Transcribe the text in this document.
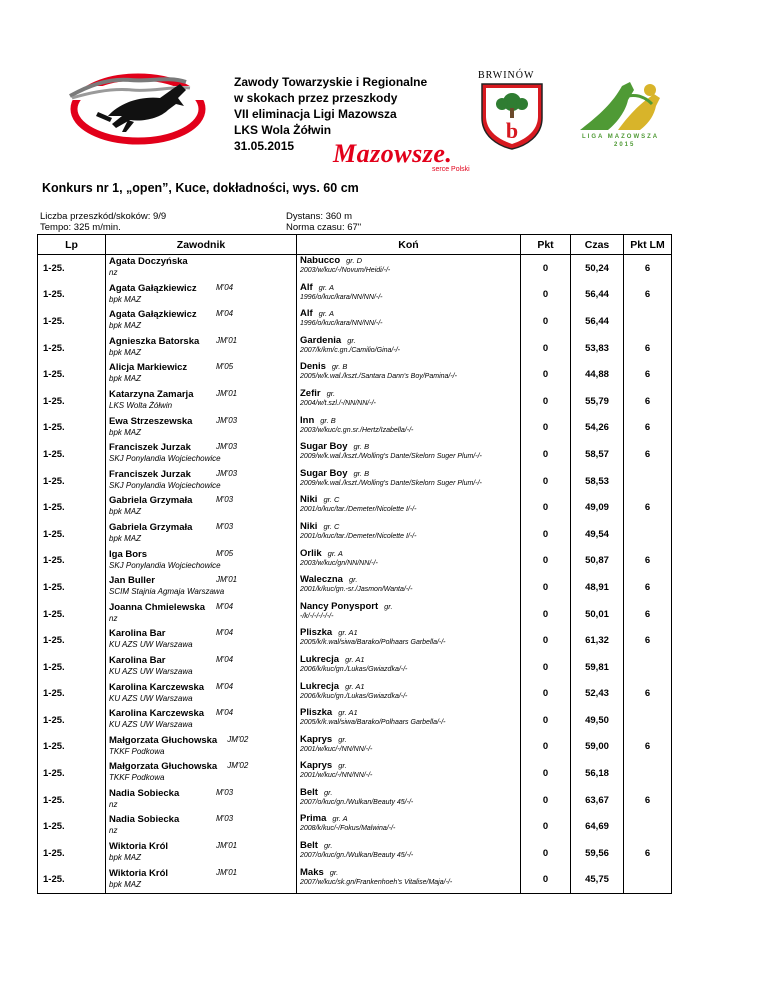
Zawody Towarzyskie i Regionalne
w skokach przez przeszkody
VII eliminacja Ligi Mazowsza
LKS Wola Żółwin
31.05.2015	Mazowsze.
serce Polski
BRWINÓW
b	LIGA MAZOWSZA
2015
Konkurs nr 1, „open”, Kuce, dokładności, wys. 60 cm
Liczba przeszkód/skoków: 9/9
Tempo: 325 m/min.
Dystans: 360 m
Norma czasu: 67"
Lp	Zawodnik	Koń	Pkt	Czas	Pkt LM
1-25.	Agata Doczyńska
nz	Nabucco gr. D
2003/w/kuc/-/Novum/Heidi/-/-	0	50,24	6
1-25.	Agata Gałązkiewicz M'04
bpk MAZ	Alf gr. A
1996/o/kuc/kara/NN/NN/-/-	0	56,44	6
1-25.	Agata Gałązkiewicz M'04
bpk MAZ	Alf gr. A
1996/o/kuc/kara/NN/NN/-/-	0	56,44	
1-25.	Agnieszka Batorska JM'01
bpk MAZ	Gardenia gr.
2007/k/km/c.gn./Camilio/Gina/-/-	0	53,83	6
1-25.	Alicja Markiewicz M'05
bpk MAZ	Denis gr. B
2005/w/k.wal./kszt./Santara Dann's Boy/Pamina/-/-	0	44,88	6
1-25.	Katarzyna Zamarja JM'01
LKS Wolta Żółwin	Zefir gr.
2004/w/t.szl./-/NN/NN/-/-	0	55,79	6
1-25.	Ewa Strzeszewska JM'03
bpk MAZ	Inn gr. B
2003/w/kuc/c.gn.sr./Hertz/Izabella/-/-	0	54,26	6
1-25.	Franciszek Jurzak JM'03
SKJ Ponylandia Wojciechowice	Sugar Boy gr. B
2009/w/k.wal./kszt./Wolling's Dante/Skelorn Suger Plum/-/-	0	58,57	6
1-25.	Franciszek Jurzak JM'03
SKJ Ponylandia Wojciechowice	Sugar Boy gr. B
2009/w/k.wal./kszt./Wolling's Dante/Skelorn Suger Plum/-/-	0	58,53	
1-25.	Gabriela Grzymała M'03
bpk MAZ	Niki gr. C
2001/o/kuc/tar./Demeter/Nicolette I/-/-	0	49,09	6
1-25.	Gabriela Grzymała M'03
bpk MAZ	Niki gr. C
2001/o/kuc/tar./Demeter/Nicolette I/-/-	0	49,54	
1-25.	Iga Bors M'05
SKJ Ponylandia Wojciechowice	Orlik gr. A
2003/w/kuc/gn/NN/NN/-/-	0	50,87	6
1-25.	Jan Buller JM'01
SCIM Stajnia Agmaja Warszawa	Waleczna gr.
2001/k/kuc/gn.-sr./Jasmon/Wanta/-/-	0	48,91	6
1-25.	Joanna Chmielewska M'04
nz	Nancy Ponysport gr.
-/k/-/-/-/-/-/-	0	50,01	6
1-25.	Karolina Bar M'04
KU AZS UW Warszawa	Pliszka gr. A1
2005/k/k.wal/siwa/Barako/Polhaars Garbella/-/-	0	61,32	6
1-25.	Karolina Bar M'04
KU AZS UW Warszawa	Lukrecja gr. A1
2006/k/kuc/gn./Lukas/Gwiazdka/-/-	0	59,81	
1-25.	Karolina Karczewska M'04
KU AZS UW Warszawa	Lukrecja gr. A1
2006/k/kuc/gn./Lukas/Gwiazdka/-/-	0	52,43	6
1-25.	Karolina Karczewska M'04
KU AZS UW Warszawa	Pliszka gr. A1
2005/k/k.wal/siwa/Barako/Polhaars Garbella/-/-	0	49,50	
1-25.	Małgorzata Głuchowska JM'02
TKKF Podkowa	Kaprys gr.
2001/w/kuc/-/NN/NN/-/-	0	59,00	6
1-25.	Małgorzata Głuchowska JM'02
TKKF Podkowa	Kaprys gr.
2001/w/kuc/-/NN/NN/-/-	0	56,18	
1-25.	Nadia Sobiecka M'03
nz	Belt gr.
2007/o/kuc/gn./Wulkan/Beauty 45/-/-	0	63,67	6
1-25.	Nadia Sobiecka M'03
nz	Prima gr. A
2008/k/kuc/-/Fokus/Malwina/-/-	0	64,69	
1-25.	Wiktoria Król JM'01
bpk MAZ	Belt gr.
2007/o/kuc/gn./Wulkan/Beauty 45/-/-	0	59,56	6
1-25.	Wiktoria Król JM'01
bpk MAZ	Maks gr.
2007/w/kuc/sk.gn/Frankenhoeh's Vitalise/Maja/-/-	0	45,75	
